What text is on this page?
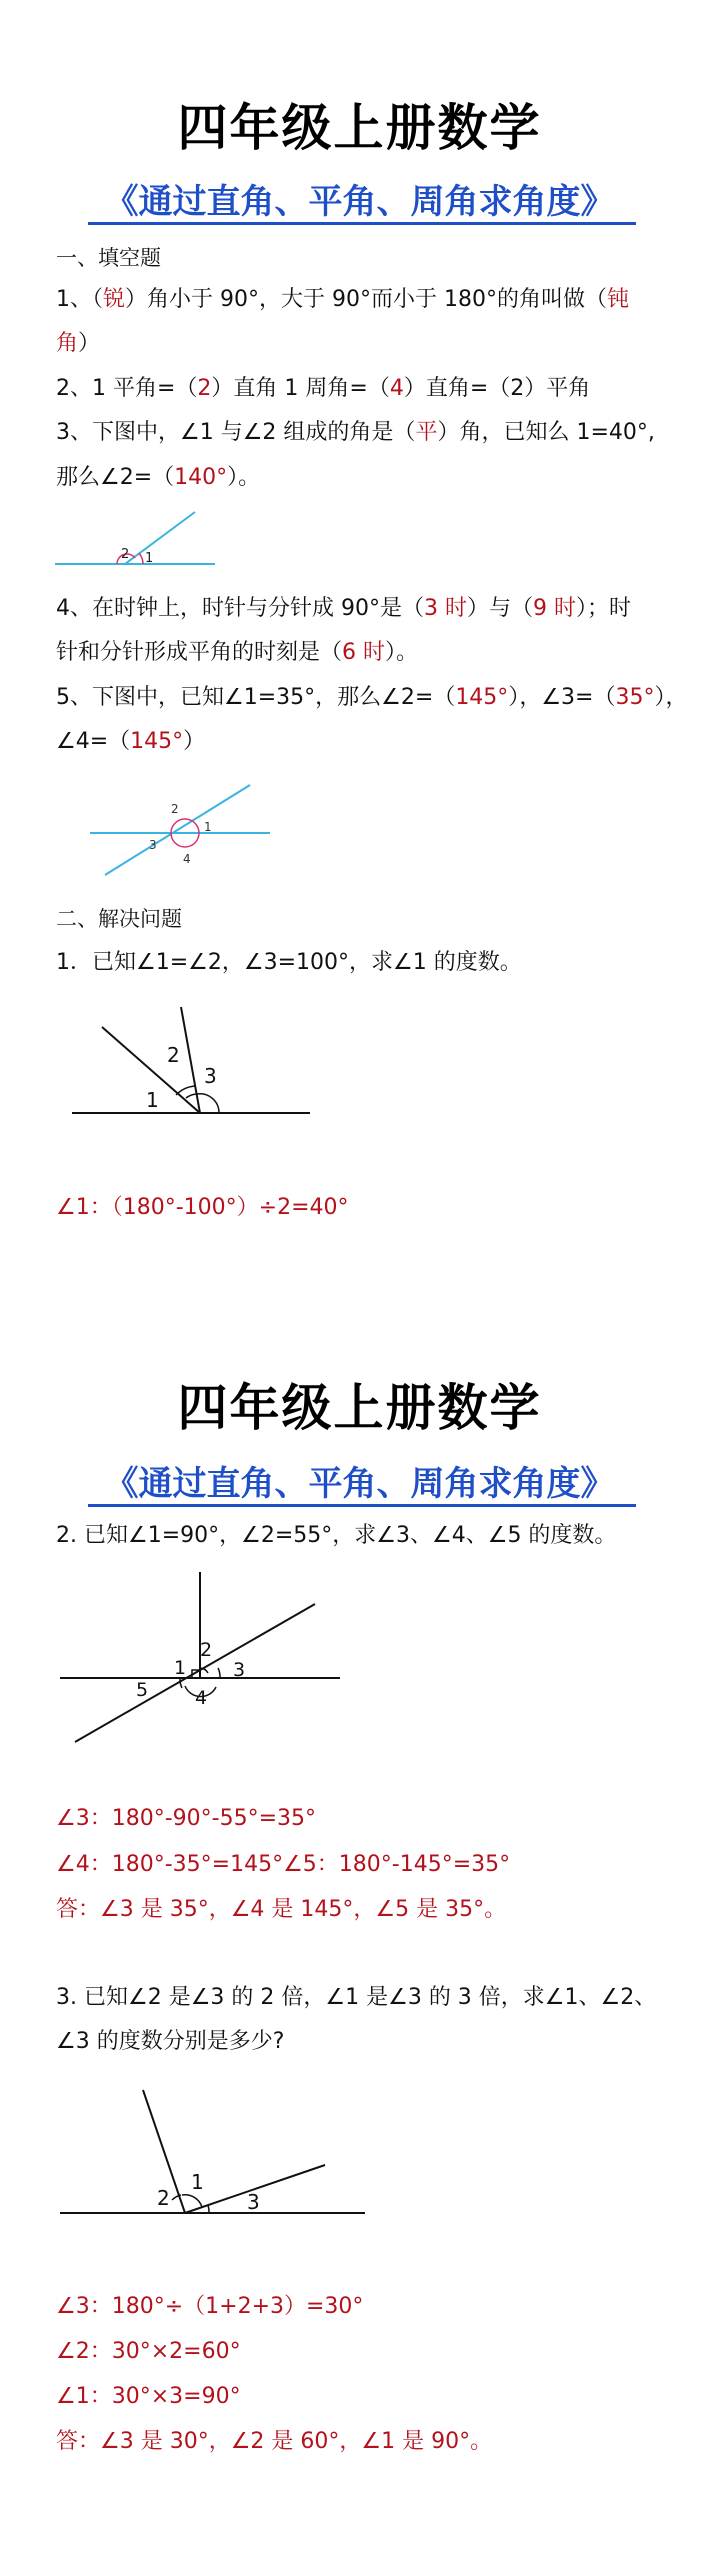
四年级上册数学
《通过直角、平角、周角求角度》
一、填空题
1、（锐）角小于 90°，大于 90°而小于 180°的角叫做（钝
角）
2、1 平角=（2）直角 1 周角=（4）直角=（2）平角
3、下图中，∠1 与∠2 组成的角是（平）角，已知么 1=40°,
那么∠2=（140°）。
2 1
4、在时钟上，时针与分针成 90°是（3 时）与（9 时）；时
针和分针形成平角的时刻是（6 时）。
5、下图中，已知∠1=35°，那么∠2=（145°），∠3=（35°），
∠4=（145°）
2
1
3
4
二、解决问题
1．已知∠1=∠2，∠3=100°，求∠1 的度数。
1
2
3
∠1：（180°-100°）÷2=40°
四年级上册数学
《通过直角、平角、周角求角度》
2. 已知∠1=90°，∠2=55°，求∠3、∠4、∠5 的度数。
1
2
3
4
5
∠3：180°-90°-55°=35°
∠4：180°-35°=145°∠5：180°-145°=35°
答：∠3 是 35°，∠4 是 145°，∠5 是 35°。
3. 已知∠2 是∠3 的 2 倍，∠1 是∠3 的 3 倍，求∠1、∠2、
∠3 的度数分别是多少?
2
1
3
∠3：180°÷（1+2+3）=30°
∠2：30°×2=60°
∠1：30°×3=90°
答：∠3 是 30°，∠2 是 60°，∠1 是 90°。
